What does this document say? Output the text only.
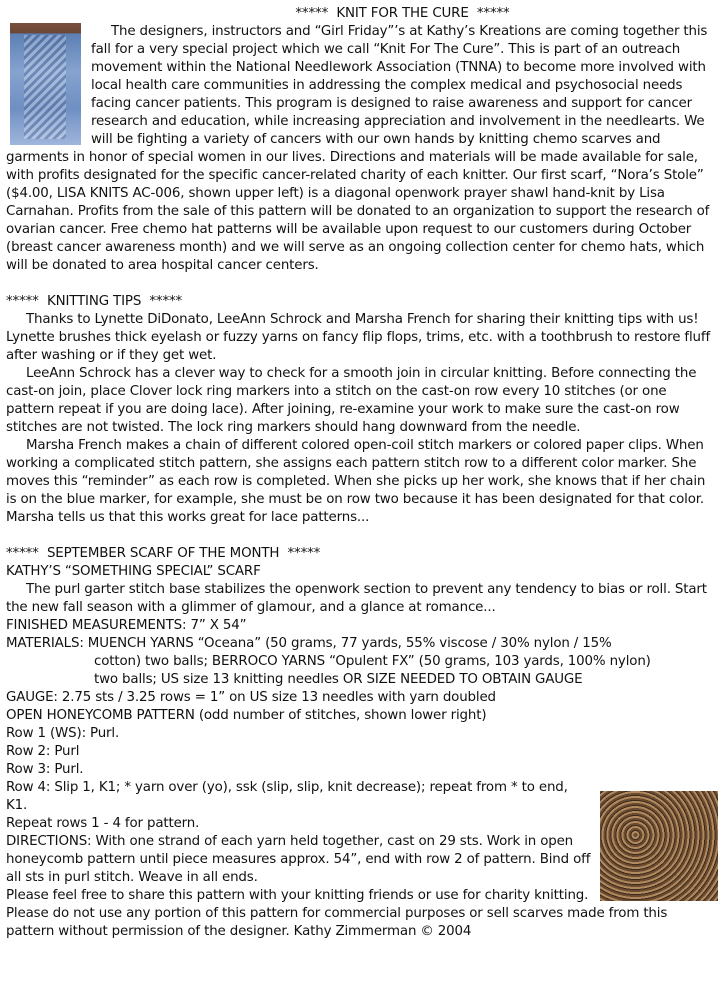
*****  KNIT FOR THE CURE  *****

The designers, instructors and “Girl Friday”’s at Kathy’s Kreations are coming together this fall for a very special project which we call “Knit For The Cure”. This is part of an outreach movement within the National Needlework Association (TNNA) to become more involved with local health care communities in addressing the complex medical and psychosocial needs facing cancer patients. This program is designed to raise awareness and support for cancer research and education, while increasing appreciation and involvement in the needlearts. We will be fighting a variety of cancers with our own hands by knitting chemo scarves and garments in honor of special women in our lives. Directions and materials will be made available for sale, with profits designated for the specific cancer-related charity of each knitter. Our first scarf, “Nora’s Stole” ($4.00, LISA KNITS AC-006, shown upper left) is a diagonal openwork prayer shawl hand-knit by Lisa Carnahan. Profits from the sale of this pattern will be donated to an organization to support the research of ovarian cancer. Free chemo hat patterns will be available upon request to our customers during October (breast cancer awareness month) and we will serve as an ongoing collection center for chemo hats, which will be donated to area hospital cancer centers.

*****  KNITTING TIPS  *****

Thanks to Lynette DiDonato, LeeAnn Schrock and Marsha French for sharing their knitting tips with us! Lynette brushes thick eyelash or fuzzy yarns on fancy flip flops, trims, etc. with a toothbrush to restore fluff after washing or if they get wet.

LeeAnn Schrock has a clever way to check for a smooth join in circular knitting. Before connecting the cast-on join, place Clover lock ring markers into a stitch on the cast-on row every 10 stitches (or one pattern repeat if you are doing lace). After joining, re-examine your work to make sure the cast-on row stitches are not twisted. The lock ring markers should hang downward from the needle.

Marsha French makes a chain of different colored open-coil stitch markers or colored paper clips. When working a complicated stitch pattern, she assigns each pattern stitch row to a different color marker. She moves this “reminder” as each row is completed. When she picks up her work, she knows that if her chain is on the blue marker, for example, she must be on row two because it has been designated for that color. Marsha tells us that this works great for lace patterns...

*****  SEPTEMBER SCARF OF THE MONTH  *****

KATHY’S “SOMETHING SPECIAL” SCARF

The purl garter stitch base stabilizes the openwork section to prevent any tendency to bias or roll. Start the new fall season with a glimmer of glamour, and a glance at romance...

FINISHED MEASUREMENTS: 7” X 54”

MATERIALS: MUENCH YARNS “Oceana” (50 grams, 77 yards, 55% viscose / 30% nylon / 15%

cotton) two balls; BERROCO YARNS “Opulent FX” (50 grams, 103 yards, 100% nylon)

two balls; US size 13 knitting needles OR SIZE NEEDED TO OBTAIN GAUGE

GAUGE: 2.75 sts / 3.25 rows = 1” on US size 13 needles with yarn doubled

OPEN HONEYCOMB PATTERN (odd number of stitches, shown lower right)

Row 1 (WS): Purl.

Row 2: Purl

Row 3: Purl.

Row 4: Slip 1, K1; * yarn over (yo), ssk (slip, slip, knit decrease); repeat from * to end, K1.

Repeat rows 1 - 4 for pattern.

DIRECTIONS: With one strand of each yarn held together, cast on 29 sts. Work in open honeycomb pattern until piece measures approx. 54”, end with row 2 of pattern. Bind off all sts in purl stitch. Weave in all ends.

Please feel free to share this pattern with your knitting friends or use for charity knitting. Please do not use any portion of this pattern for commercial purposes or sell scarves made from this pattern without permission of the designer. Kathy Zimmerman © 2004
